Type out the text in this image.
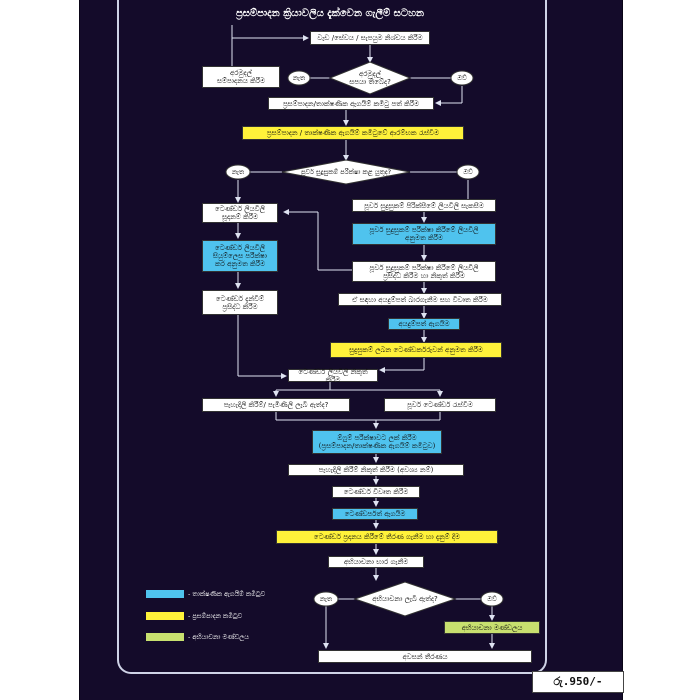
ප්‍රසම්පාදන ක්‍රියාවලිය දැක්වෙන ගැලීම් සටහන
නැත	ඔව්
නැත	ඔව්
නැත	ඔව්
අරමුදල්
සපයා තිබේද?
පූර්ව සුදුසුකම් පරීක්ෂා කළ යුතුද?
අභියාචනා ලැබී ඇත්ද?
වැඩ /සේවය / සැපයුම නිශ්චය කිරීම
අරමුදල්
සම්පාදනය කිරීම
ප්‍රසම්පාදන/තාක්ෂණික ඇගයීම් කමිටු පත් කිරීම
ප්‍රසම්පාදන / තාක්ෂණික ඇගයීම් කමිටුවේ ආරම්භක රැස්වීම
ටෙණ්ඩර් ලියවිලි
සූදානම් කිරීම
ටෙණ්ඩර් ලියවිලි
සියුම්ලෙස පරීක්ෂා
කර අනුමත කිරීම
ටෙණ්ඩර් දැන්වීම්
ප්‍රසිද්ධ කිරීම
පූර්ව සුදුසුකම් පිරික්සීමේ ලියවිලි සැකසීම
පූර්ව සුදුසුකම් පරීක්ෂා කිරීමේ ලියවිලි
අනුමත කිරීම
පූර්ව සුදුසුකම් පරීක්ෂා කිරීමේ ලියවිලි
ප්‍රසිද්ධ කිරීම හා නිකුත් කිරීම
ඒ සඳහා අයදුම්පත් බාරගැනීම සහ විවෘත කිරීම
අයදුම්පත් ඇගයීම
සුදුසුකම් ලබන ටෙණ්ඩර්කරුවන් අනුමත කිරීම
ටෙණ්ඩර් ලියවිලි නිකුත් කිරීම
පැහැදිලි කිරීම්/ පැමිණිලි ලැබී ඇත්ද?	පූර්ව ටෙණ්ඩර් රැස්වීම
ඕෆුම් පරීක්ෂාවට ලක් කිරීම
(ප්‍රසම්පාදන/තාක්ෂණික ඇගයීම් කමිටුව)
පැහැදිලි කිරීම් නිකුත් කිරීම (අවශ්‍ය නම්)
ටෙණ්ඩර් විවෘත කිරීම
ටෙණ්ඩර්පත් ඇගයීම
ටෙණ්ඩර් ප්‍රදානය කිරීමේ තීරණ ගැනීම හා දැනුම් දීම
අභියාචනා භාර ගැනීම
අභියාචනා මණ්ඩලය
අවසන් තීරණය
- තාක්ෂණික ඇගයීම් කමිටුව
- ප්‍රසම්පාදන කමිටුව
- අභියාචනා මණ්ඩලය
රු.950/-
